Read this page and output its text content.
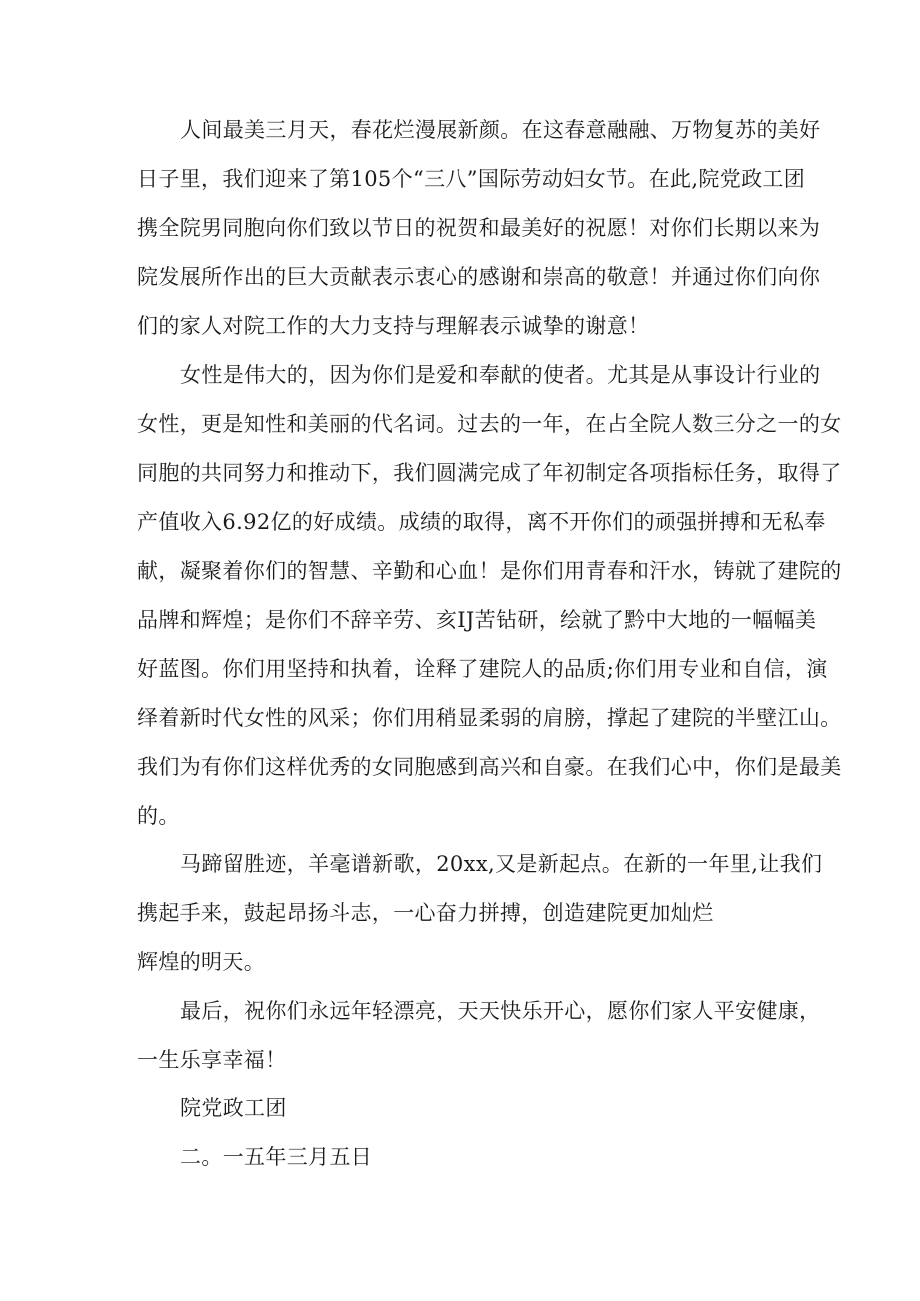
人间最美三月天，春花烂漫展新颜。在这春意融融、万物复苏的美好
日子里，我们迎来了第105个“三八”国际劳动妇女节。在此,院党政工团
携全院男同胞向你们致以节日的祝贺和最美好的祝愿！对你们长期以来为
院发展所作出的巨大贡献表示衷心的感谢和崇高的敬意！并通过你们向你
们的家人对院工作的大力支持与理解表示诚挚的谢意！
女性是伟大的，因为你们是爱和奉献的使者。尤其是从事设计行业的
女性，更是知性和美丽的代名词。过去的一年，在占全院人数三分之一的女
同胞的共同努力和推动下，我们圆满完成了年初制定各项指标任务，取得了
产值收入6.92亿的好成绩。成绩的取得，离不开你们的顽强拼搏和无私奉
献，凝聚着你们的智慧、辛勤和心血！是你们用青春和汗水，铸就了建院的
品牌和辉煌；是你们不辞辛劳、亥IJ苦钻研，绘就了黔中大地的一幅幅美
好蓝图。你们用坚持和执着，诠释了建院人的品质;你们用专业和自信，演
绎着新时代女性的风采；你们用稍显柔弱的肩膀，撑起了建院的半壁江山。
我们为有你们这样优秀的女同胞感到高兴和自豪。在我们心中，你们是最美
的。
马蹄留胜迹，羊毫谱新歌，20xx,又是新起点。在新的一年里,让我们
携起手来，鼓起昂扬斗志，一心奋力拼搏，创造建院更加灿烂
辉煌的明天。
最后，祝你们永远年轻漂亮，天天快乐开心，愿你们家人平安健康，
一生乐享幸福！
院党政工团
二。一五年三月五日
